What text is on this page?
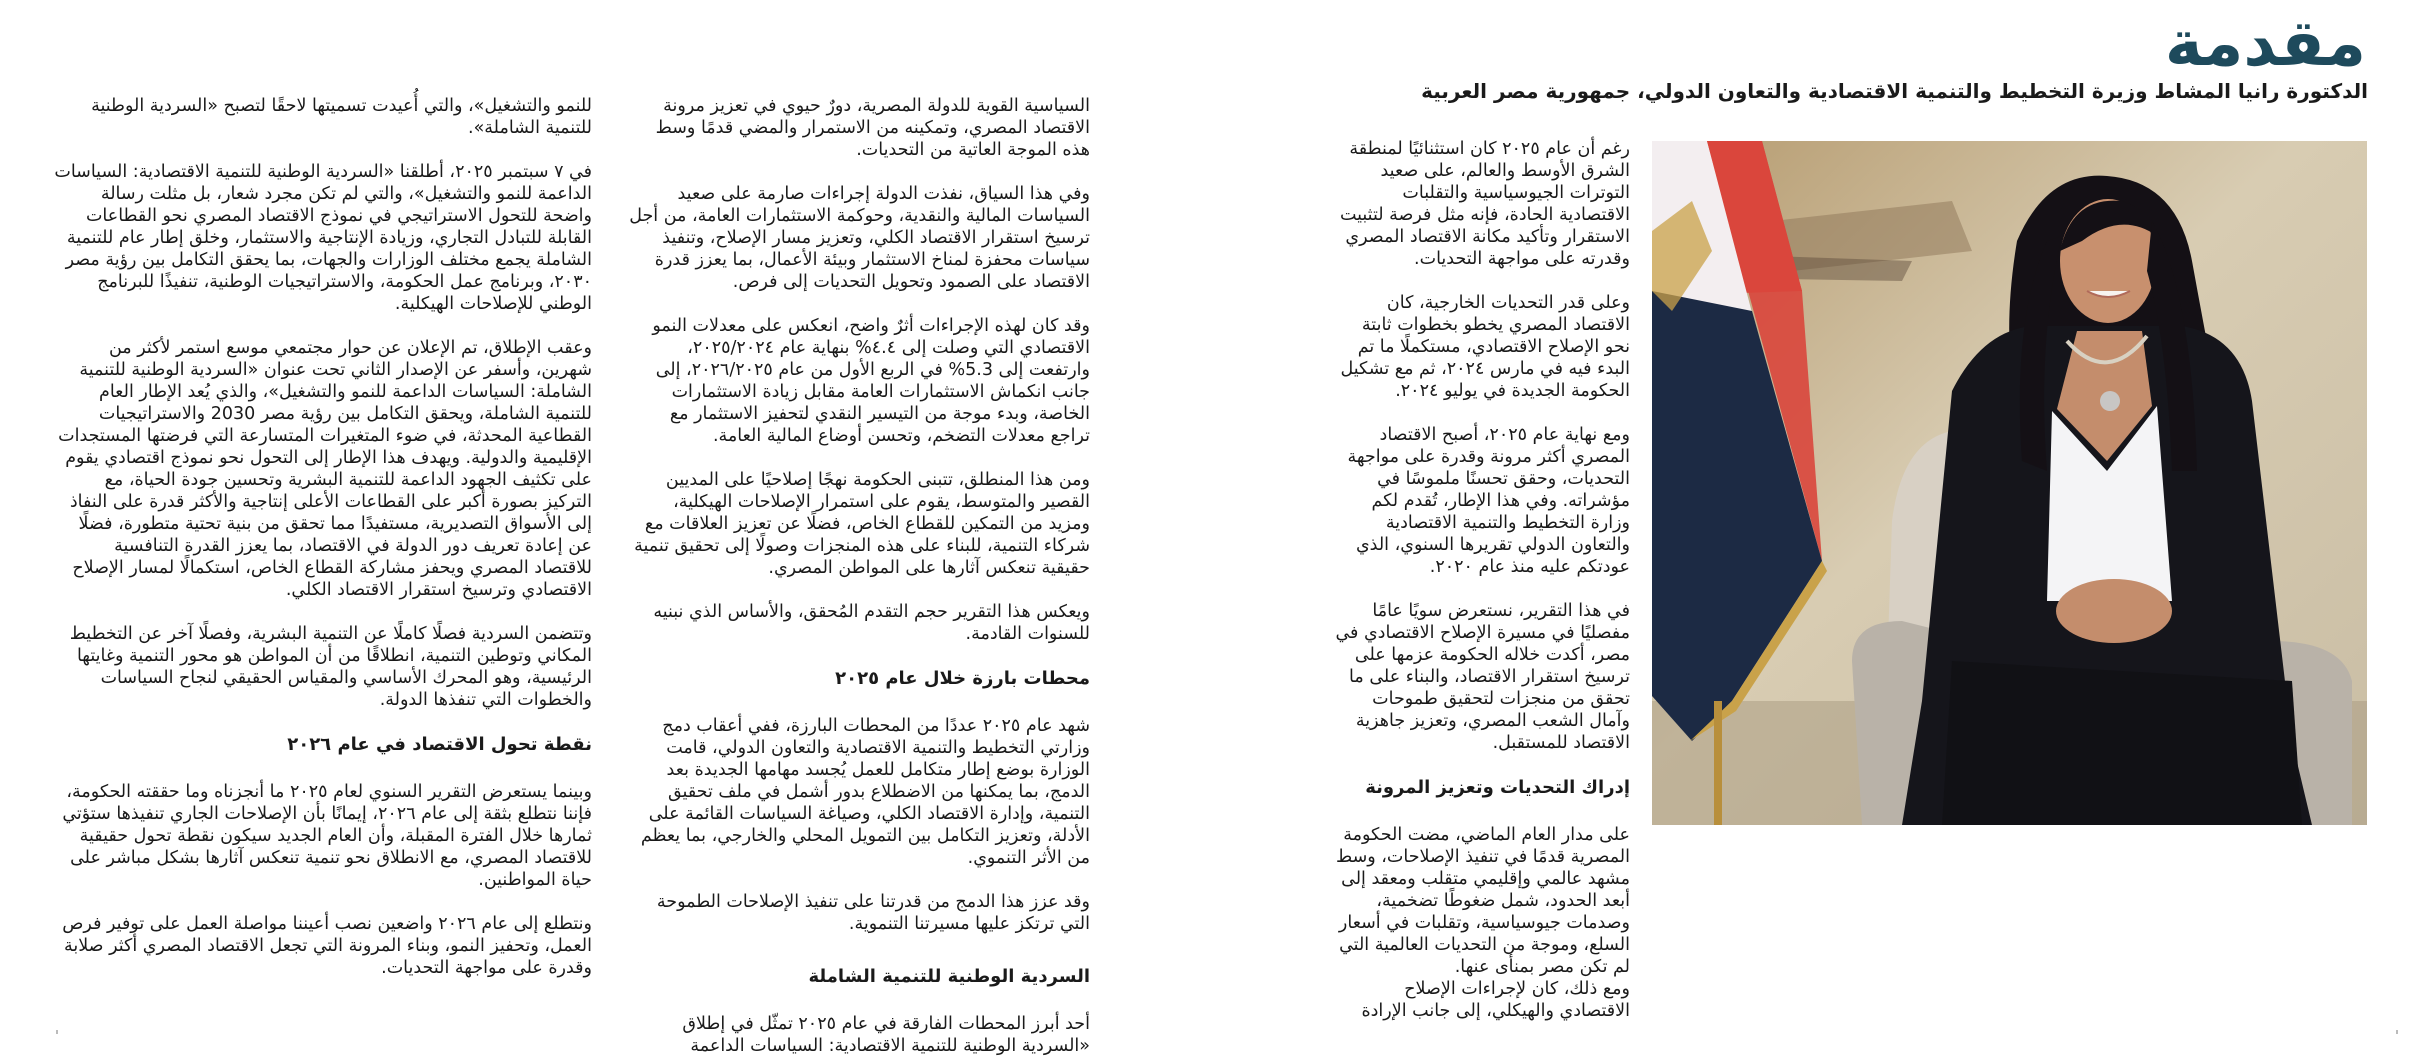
مقدمة
الدكتورة رانيا المشاط وزيرة التخطيط والتنمية الاقتصادية والتعاون الدولي، جمهورية مصر العربية

رغم أن عام ٢٠٢٥ كان استثنائيًا لمنطقة الشرق الأوسط والعالم، على صعيد التوترات الجيوسياسية والتقلبات الاقتصادية الحادة، فإنه مثل فرصة لتثبيت الاستقرار وتأكيد مكانة الاقتصاد المصري وقدرته على مواجهة التحديات.

وعلى قدر التحديات الخارجية، كان الاقتصاد المصري يخطو بخطوات ثابتة نحو الإصلاح الاقتصادي، مستكملًا ما تم البدء فيه في مارس ٢٠٢٤، ثم مع تشكيل الحكومة الجديدة في يوليو ٢٠٢٤.

ومع نهاية عام ٢٠٢٥، أصبح الاقتصاد المصري أكثر مرونة وقدرة على مواجهة التحديات، وحقق تحسنًا ملموسًا في مؤشراته. وفي هذا الإطار، تُقدم لكم وزارة التخطيط والتنمية الاقتصادية والتعاون الدولي تقريرها السنوي، الذي عودتكم عليه منذ عام ٢٠٢٠.

في هذا التقرير، نستعرض سويًا عامًا مفصليًا في مسيرة الإصلاح الاقتصادي في مصر، أكدت خلاله الحكومة عزمها على ترسيخ استقرار الاقتصاد، والبناء على ما تحقق من منجزات لتحقيق طموحات وآمال الشعب المصري، وتعزيز جاهزية الاقتصاد للمستقبل.

إدراك التحديات وتعزيز المرونة

على مدار العام الماضي، مضت الحكومة المصرية قدمًا في تنفيذ الإصلاحات، وسط مشهد عالمي وإقليمي متقلب ومعقد إلى أبعد الحدود، شمل ضغوطًا تضخمية، وصدمات جيوسياسية، وتقلبات في أسعار السلع، وموجة من التحديات العالمية التي لم تكن مصر بمنأى عنها.

ومع ذلك، كان لإجراءات الإصلاح الاقتصادي والهيكلي، إلى جانب الإرادة

السياسية القوية للدولة المصرية، دورٌ حيوي في تعزيز مرونة الاقتصاد المصري، وتمكينه من الاستمرار والمضي قدمًا وسط هذه الموجة العاتية من التحديات.

وفي هذا السياق، نفذت الدولة إجراءات صارمة على صعيد السياسات المالية والنقدية، وحوكمة الاستثمارات العامة، من أجل ترسيخ استقرار الاقتصاد الكلي، وتعزيز مسار الإصلاح، وتنفيذ سياسات محفزة لمناخ الاستثمار وبيئة الأعمال، بما يعزز قدرة الاقتصاد على الصمود وتحويل التحديات إلى فرص.

وقد كان لهذه الإجراءات أثرٌ واضح، انعكس على معدلات النمو الاقتصادي التي وصلت إلى ٤.٤% بنهاية عام ٢٠٢٥/٢٠٢٤، وارتفعت إلى 5.3% في الربع الأول من عام ٢٠٢٦/٢٠٢٥، إلى جانب انكماش الاستثمارات العامة مقابل زيادة الاستثمارات الخاصة، وبدء موجة من التيسير النقدي لتحفيز الاستثمار مع تراجع معدلات التضخم، وتحسن أوضاع المالية العامة.

ومن هذا المنطلق، تتبنى الحكومة نهجًا إصلاحيًا على المديين القصير والمتوسط، يقوم على استمرار الإصلاحات الهيكلية، ومزيد من التمكين للقطاع الخاص، فضلًا عن تعزيز العلاقات مع شركاء التنمية، للبناء على هذه المنجزات وصولًا إلى تحقيق تنمية حقيقية تنعكس آثارها على المواطن المصري.

ويعكس هذا التقرير حجم التقدم المُحقق، والأساس الذي نبنيه للسنوات القادمة.

محطات بارزة خلال عام ٢٠٢٥

شهد عام ٢٠٢٥ عددًا من المحطات البارزة، ففي أعقاب دمج وزارتي التخطيط والتنمية الاقتصادية والتعاون الدولي، قامت الوزارة بوضع إطار متكامل للعمل يُجسد مهامها الجديدة بعد الدمج، بما يمكنها من الاضطلاع بدور أشمل في ملف تحقيق التنمية، وإدارة الاقتصاد الكلي، وصياغة السياسات القائمة على الأدلة، وتعزيز التكامل بين التمويل المحلي والخارجي، بما يعظم من الأثر التنموي.

وقد عزز هذا الدمج من قدرتنا على تنفيذ الإصلاحات الطموحة التي ترتكز عليها مسيرتنا التنموية.

السردية الوطنية للتنمية الشاملة

أحد أبرز المحطات الفارقة في عام ٢٠٢٥ تمثّل في إطلاق «السردية الوطنية للتنمية الاقتصادية: السياسات الداعمة

للنمو والتشغيل»، والتي أُعيدت تسميتها لاحقًا لتصبح «السردية الوطنية للتنمية الشاملة».

في ٧ سبتمبر ٢٠٢٥، أطلقنا «السردية الوطنية للتنمية الاقتصادية: السياسات الداعمة للنمو والتشغيل»، والتي لم تكن مجرد شعار، بل مثلت رسالة واضحة للتحول الاستراتيجي في نموذج الاقتصاد المصري نحو القطاعات القابلة للتبادل التجاري، وزيادة الإنتاجية والاستثمار، وخلق إطار عام للتنمية الشاملة يجمع مختلف الوزارات والجهات، بما يحقق التكامل بين رؤية مصر ٢٠٣٠، وبرنامج عمل الحكومة، والاستراتيجيات الوطنية، تنفيذًا للبرنامج الوطني للإصلاحات الهيكلية.

وعقب الإطلاق، تم الإعلان عن حوار مجتمعي موسع استمر لأكثر من شهرين، وأسفر عن الإصدار الثاني تحت عنوان «السردية الوطنية للتنمية الشاملة: السياسات الداعمة للنمو والتشغيل»، والذي يُعد الإطار العام للتنمية الشاملة، ويحقق التكامل بين رؤية مصر 2030 والاستراتيجيات القطاعية المحدثة، في ضوء المتغيرات المتسارعة التي فرضتها المستجدات الإقليمية والدولية. ويهدف هذا الإطار إلى التحول نحو نموذج اقتصادي يقوم على تكثيف الجهود الداعمة للتنمية البشرية وتحسين جودة الحياة، مع التركيز بصورة أكبر على القطاعات الأعلى إنتاجية والأكثر قدرة على النفاذ إلى الأسواق التصديرية، مستفيدًا مما تحقق من بنية تحتية متطورة، فضلًا عن إعادة تعريف دور الدولة في الاقتصاد، بما يعزز القدرة التنافسية للاقتصاد المصري ويحفز مشاركة القطاع الخاص، استكمالًا لمسار الإصلاح الاقتصادي وترسيخ استقرار الاقتصاد الكلي.

وتتضمن السردية فصلًا كاملًا عن التنمية البشرية، وفصلًا آخر عن التخطيط المكاني وتوطين التنمية، انطلاقًا من أن المواطن هو محور التنمية وغايتها الرئيسية، وهو المحرك الأساسي والمقياس الحقيقي لنجاح السياسات والخطوات التي تنفذها الدولة.

نقطة تحول الاقتصاد في عام ٢٠٢٦

وبينما يستعرض التقرير السنوي لعام ٢٠٢٥ ما أنجزناه وما حققته الحكومة، فإننا نتطلع بثقة إلى عام ٢٠٢٦، إيمانًا بأن الإصلاحات الجاري تنفيذها ستؤتي ثمارها خلال الفترة المقبلة، وأن العام الجديد سيكون نقطة تحول حقيقية للاقتصاد المصري، مع الانطلاق نحو تنمية تنعكس آثارها بشكل مباشر على حياة المواطنين.

ونتطلع إلى عام ٢٠٢٦ واضعين نصب أعيننا مواصلة العمل على توفير فرص العمل، وتحفيز النمو، وبناء المرونة التي تجعل الاقتصاد المصري أكثر صلابة وقدرة على مواجهة التحديات.
